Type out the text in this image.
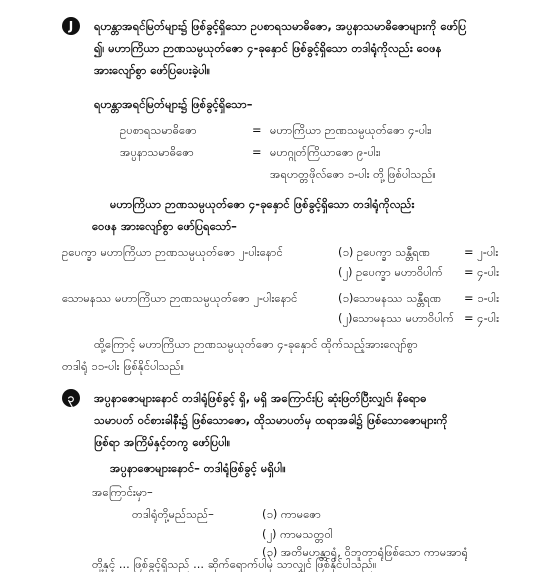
J	ရဟန္တာအရင်မြတ်များ၌ ဖြစ်ခွင့်ရှိသော ဥပစာရသမာဓိဇော, အပ္ပနာသမာဓိဇောများကို ဖော်ပြ
၍၊ မဟာကြိယာ ဉာဏသမ္ပယုတ်ဇော ၄-ခုနှောင် ဖြစ်ခွင့်ရှိသော တဒါရုံကိုလည်း ဝေဖန
အားလျော်စွာ ဖော်ပြပေးခဲ့ပါ။
ရဟန္တာအရင်မြတ်များ၌ ဖြစ်ခွင့်ရှိသော–
ဥပစာရသမာဓိဇော	= မဟာကြိယာ ဉာဏသမ္ပယုတ်ဇော ၄-ပါး၊
အပ္ပနာသမာဓိဇော	= မဟဂ္ဂုတ်ကြိယာဇော ၉-ပါး၊
အရဟတ္တဖိုလ်ဇော ၁-ပါး တို့ဖြစ်ပါသည်။
မဟာကြိယာ ဉာဏသမ္ပယုတ်ဇော ၄-ခုနှောင် ဖြစ်ခွင့်ရှိသော တဒါရုံကိုလည်း
ဝေဖန အားလျော်စွာ ဖော်ပြရသော်–
ဥပေက္ခာ မဟာကြိယာ ဉာဏသမ္ပယုတ်ဇော ၂-ပါးနောင်	(၁) ဥပေက္ခာ သန္တီရဏ	= ၂-ပါး
(၂) ဥပေက္ခာ မဟာဝိပါက် = ၄-ပါး
သောမနဿ မဟာကြိယာ ဉာဏသမ္ပယုတ်ဇော ၂-ပါးနောင်	(၁)သောမနဿ သန္တီရဏ = ၁-ပါး
(၂)သောမနဿ မဟာဝိပါက် = ၄-ပါး
ထို့ကြောင့် မဟာကြိယာ ဉာဏသမ္ပယုတ်ဇော ၄-ခုနှောင် ထိုက်သည့်အားလျော်စွာ
တဒါရုံ ၁၁-ပါး ဖြစ်နိုင်ပါသည်။
၃	အပ္ပနာဇောများနောင် တဒါရုံဖြစ်ခွင့် ရှိ, မရှိ အကြောင်းပြ ဆုံးဖြတ်ပြီးလျှင်၊ နိရောဓ
သမာပတ် ဝင်စားခါနီး၌ ဖြစ်သောဇော, ထိုသမာပတ်မှ ထရာအခါ၌ ဖြစ်သောဇောများကို
ဖြစ်ရာ အကြိမ်နှင့်တကွ ဖော်ပြပါ။
အပ္ပနာဇောများနောင်– တဒါရုံဖြစ်ခွင့် မရှိပါ။
အကြောင်းမှာ–
တဒါရုံတို့မည်သည်–	(၁) ကာမဇော
(၂) ကာမသတ္တဝါ
(၃) အတိမဟန္တာရုံ, ဝိဘူတာရုံဖြစ်သော ကာမအာရုံ
တို့နှင့် ... ဖြစ်ခွင့်ရှိသည် ... ဆိုက်ရောက်ပါမှ သာလျှင် ဖြစ်နိုင်ပါသည်။
